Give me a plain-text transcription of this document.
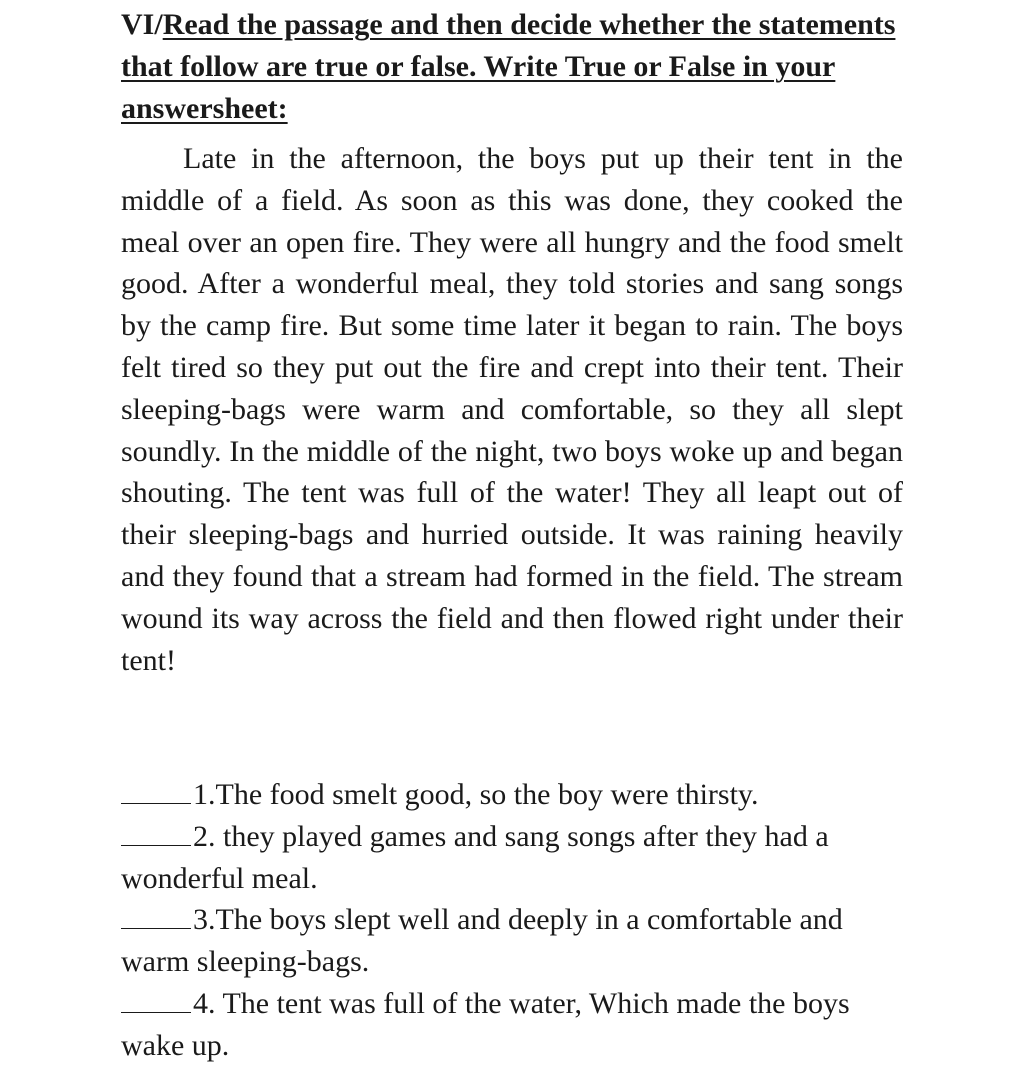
VI/Read the passage and then decide whether the statements that follow are true or false. Write True or False in your answersheet:

Late in the afternoon, the boys put up their tent in the middle of a field. As soon as this was done, they cooked the meal over an open fire. They were all hungry and the food smelt good. After a wonderful meal, they told stories and sang songs by the camp fire. But some time later it began to rain. The boys felt tired so they put out the fire and crept into their tent. Their sleeping-bags were warm and comfortable, so they all slept soundly. In the middle of the night, two boys woke up and began shouting. The tent was full of the water! They all leapt out of their sleeping-bags and hurried outside. It was raining heavily and they found that a stream had formed in the field. The stream wound its way across the field and then flowed right under their tent!

1.The food smelt good, so the boy were thirsty.
2. they played games and sang songs after they had a wonderful meal.
3.The boys slept well and deeply in a comfortable and warm sleeping-bags.
4. The tent was full of the water, Which made the boys wake up.
